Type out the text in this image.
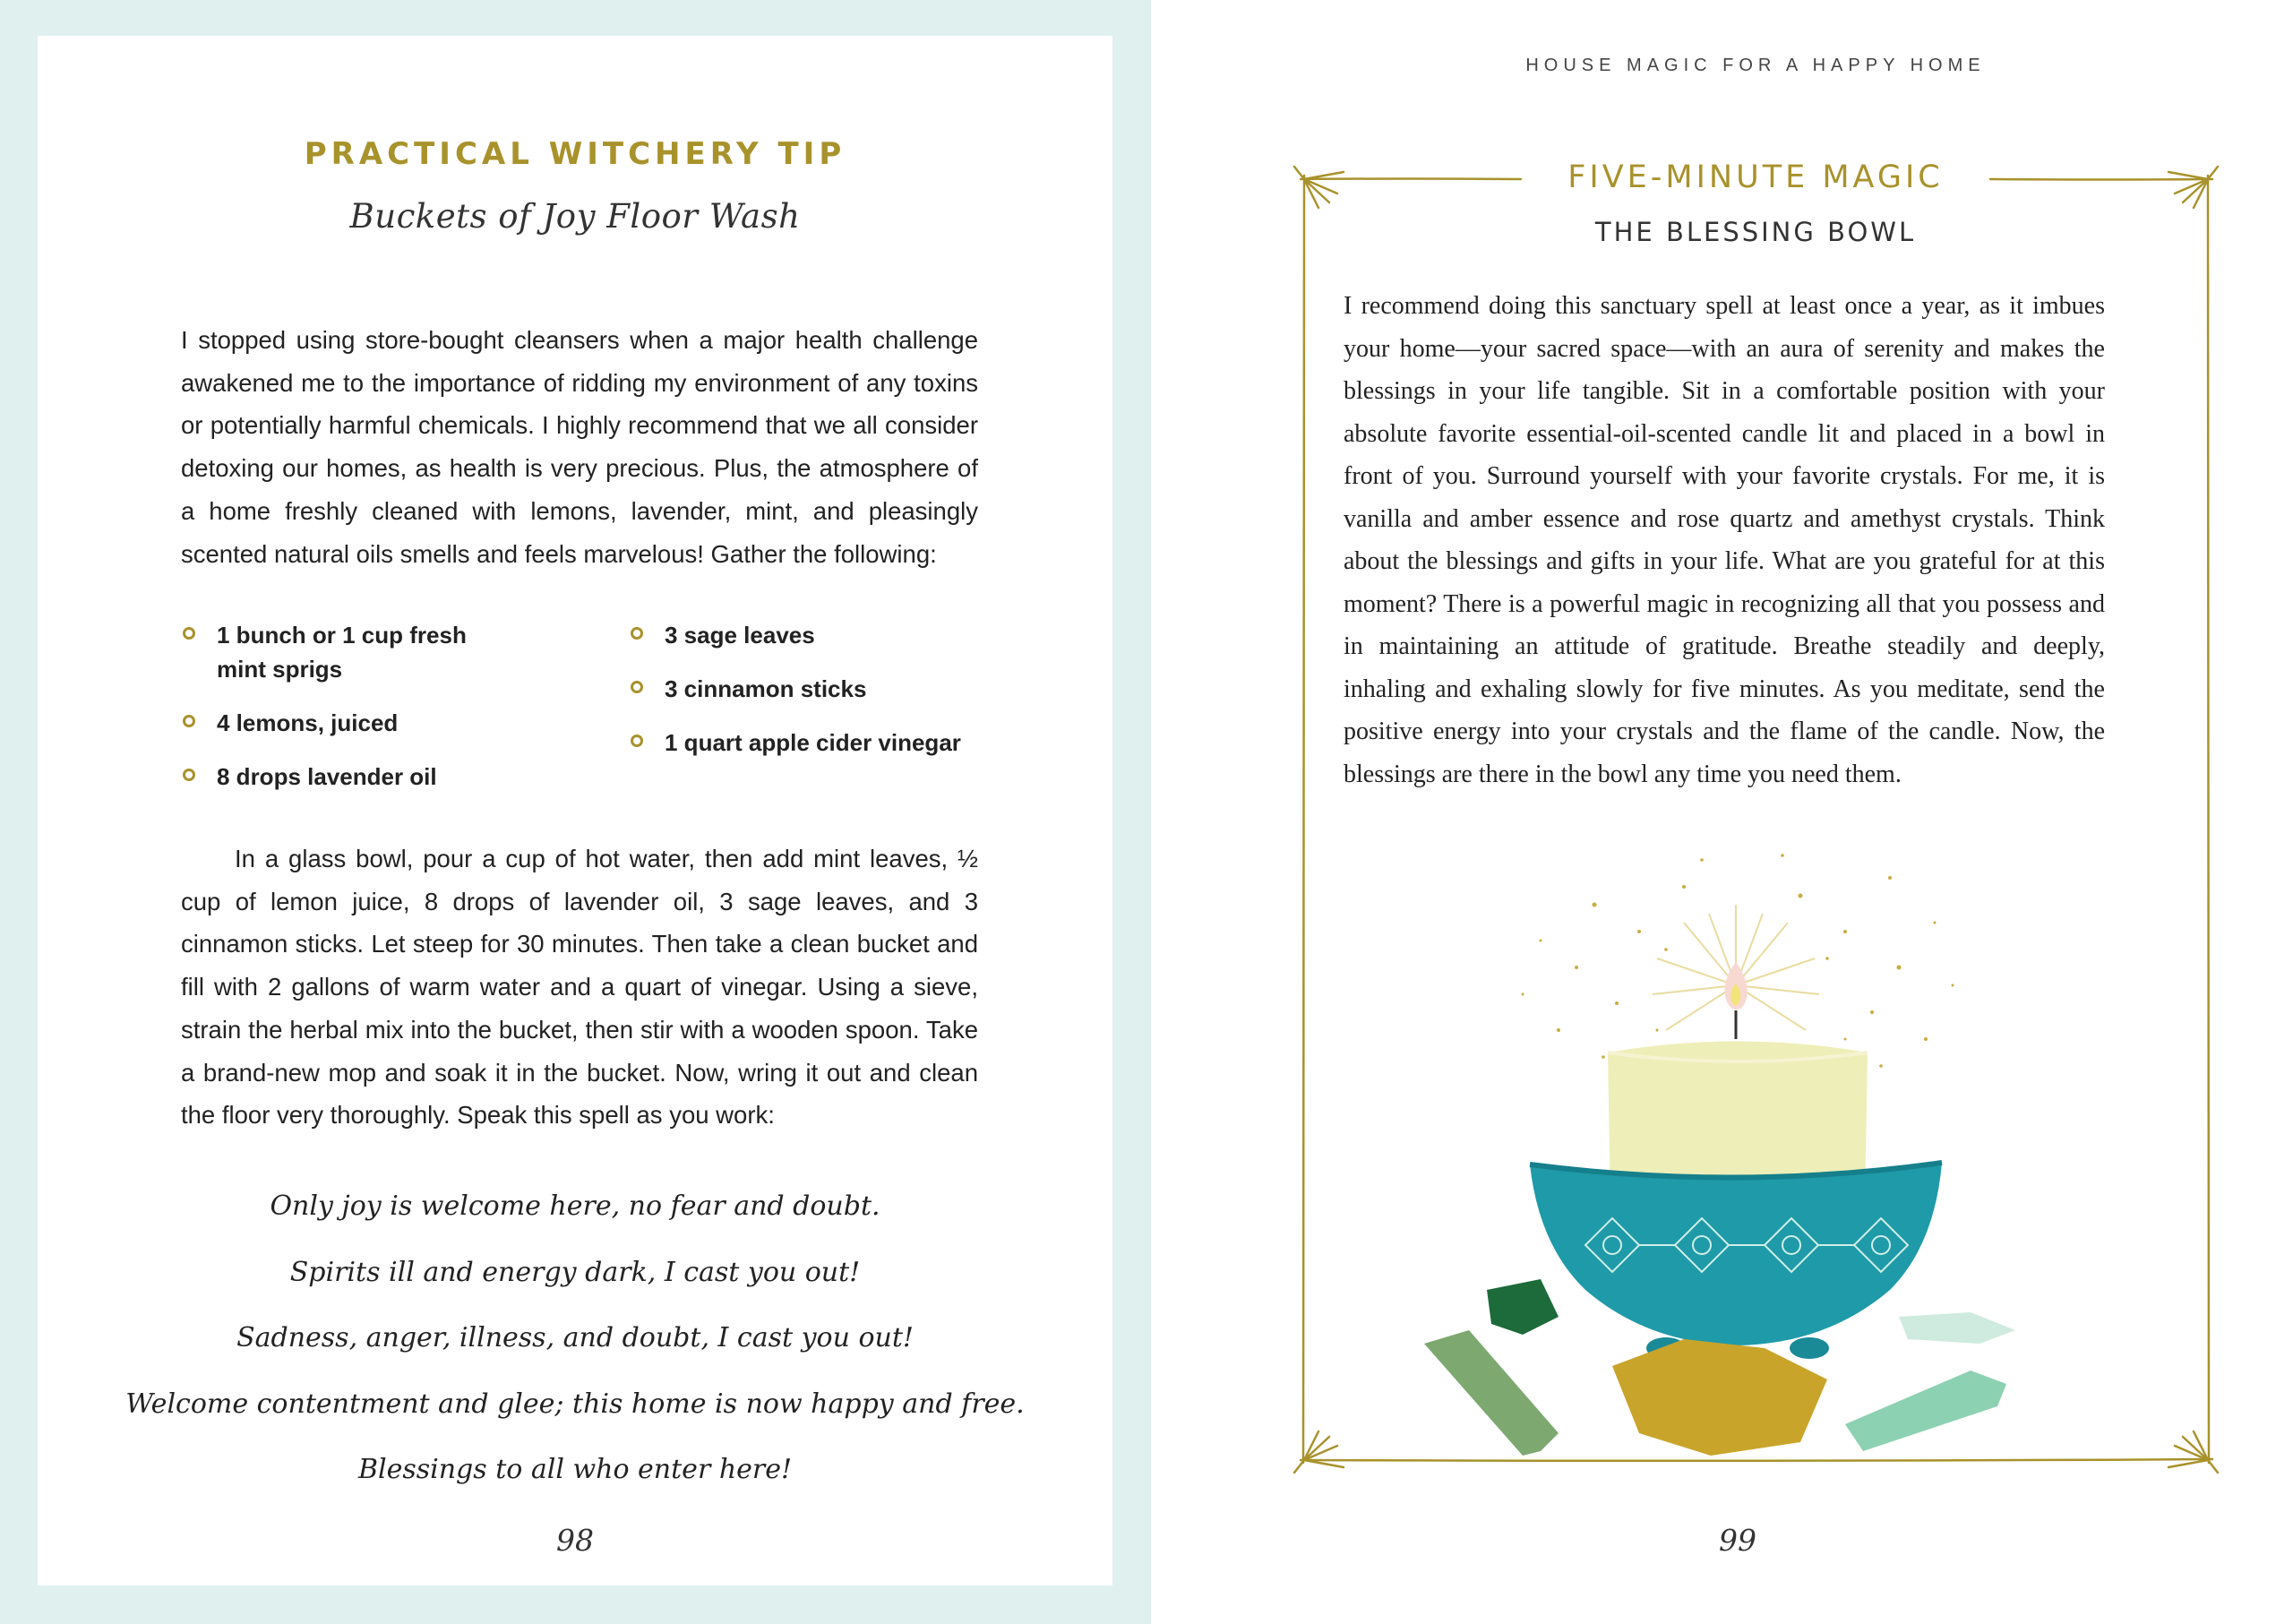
PRACTICAL WITCHERY TIP
Buckets of Joy Floor Wash

I stopped using store-bought cleansers when a major health challenge awakened me to the importance of ridding my environment of any toxins or potentially harmful chemicals. I highly recommend that we all consider detoxing our homes, as health is very precious. Plus, the atmosphere of a home freshly cleaned with lemons, lavender, mint, and pleasingly scented natural oils smells and feels marvelous! Gather the following:

1 bunch or 1 cup fresh mint sprigs
4 lemons, juiced
8 drops lavender oil
3 sage leaves
3 cinnamon sticks
1 quart apple cider vinegar

In a glass bowl, pour a cup of hot water, then add mint leaves, ½ cup of lemon juice, 8 drops of lavender oil, 3 sage leaves, and 3 cinnamon sticks. Let steep for 30 minutes. Then take a clean bucket and fill with 2 gallons of warm water and a quart of vinegar. Using a sieve, strain the herbal mix into the bucket, then stir with a wooden spoon. Take a brand-new mop and soak it in the bucket. Now, wring it out and clean the floor very thoroughly. Speak this spell as you work:

Only joy is welcome here, no fear and doubt.

Spirits ill and energy dark, I cast you out!

Sadness, anger, illness, and doubt, I cast you out!

Welcome contentment and glee; this home is now happy and free.

Blessings to all who enter here!

98
HOUSE MAGIC FOR A HAPPY HOME
FIVE-MINUTE MAGIC
THE BLESSING BOWL

I recommend doing this sanctuary spell at least once a year, as it imbues your home—your sacred space—with an aura of serenity and makes the blessings in your life tangible. Sit in a comfortable position with your absolute favorite essential-oil-scented candle lit and placed in a bowl in front of you. Surround yourself with your favorite crystals. For me, it is vanilla and amber essence and rose quartz and amethyst crystals. Think about the blessings and gifts in your life. What are you grateful for at this moment? There is a powerful magic in recognizing all that you possess and in maintaining an attitude of gratitude. Breathe steadily and deeply, inhaling and exhaling slowly for five minutes. As you meditate, send the positive energy into your crystals and the flame of the candle. Now, the blessings are there in the bowl any time you need them.

99
